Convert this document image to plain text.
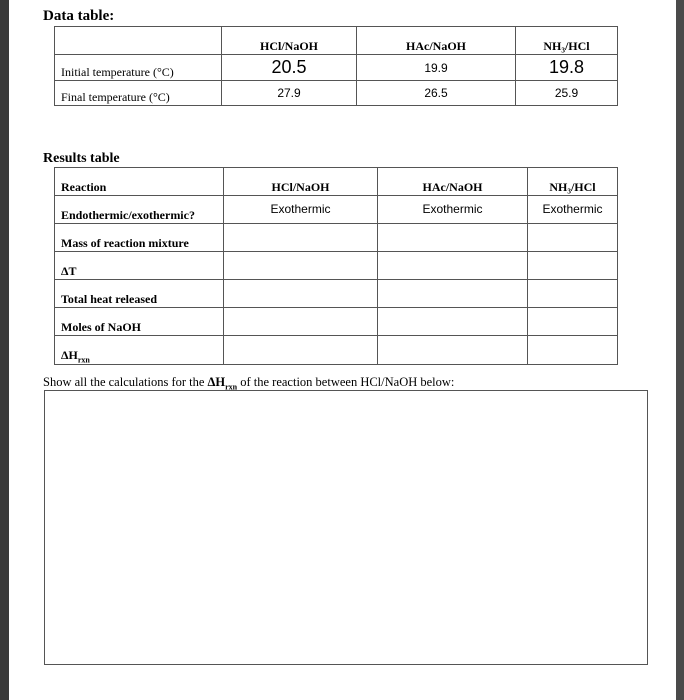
Data table:
	HCl/NaOH	HAc/NaOH	NH₃/HCl
Initial temperature (°C)	20.5	19.9	19.8
Final temperature (°C)	27.9	26.5	25.9
Results table
Reaction	HCl/NaOH	HAc/NaOH	NH₃/HCl
Endothermic/exothermic?	Exothermic	Exothermic	Exothermic
Mass of reaction mixture			
ΔT			
Total heat released			
Moles of NaOH			
$\Delta H_{rxn}$			
Show all the calculations for the $\Delta H_{rxn}$ of the reaction between HCl/NaOH below:
